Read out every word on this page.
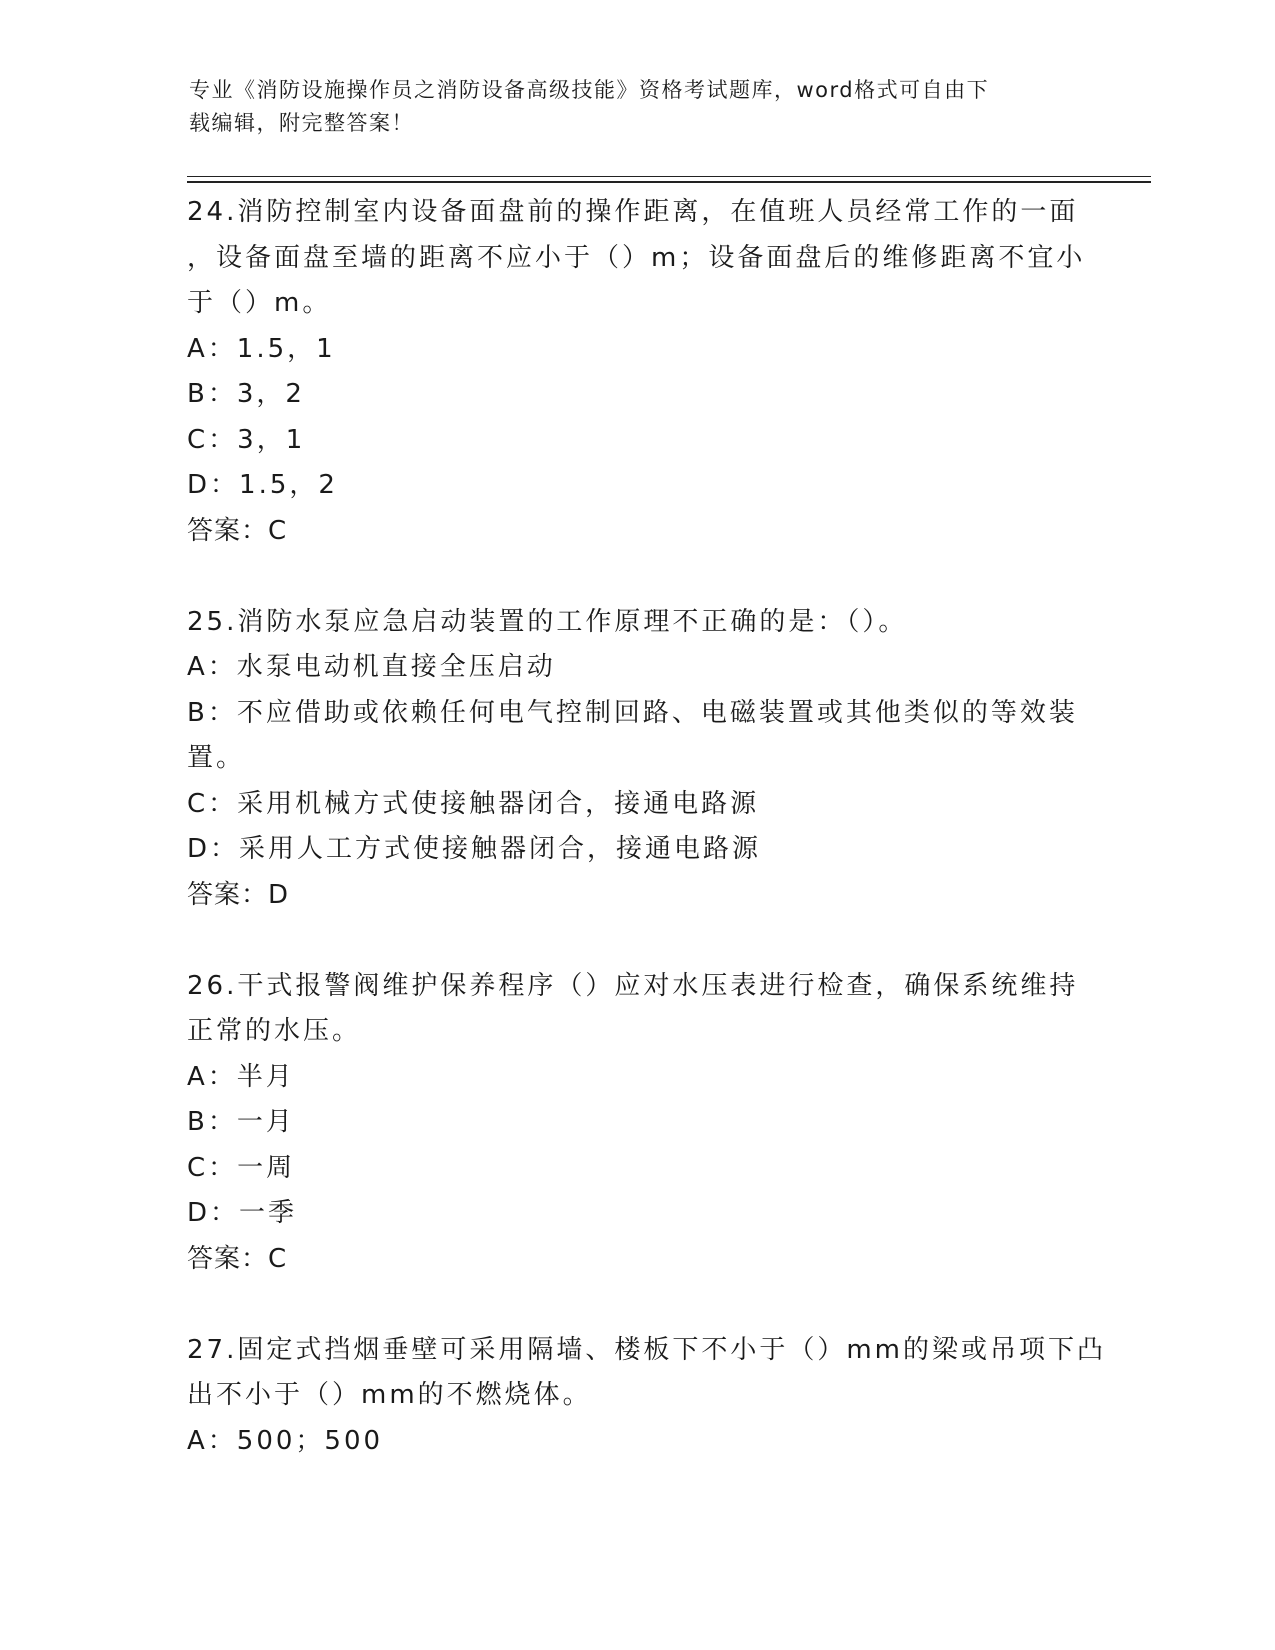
专业《消防设施操作员之消防设备高级技能》资格考试题库，word格式可自由下
载编辑，附完整答案！
24.消防控制室内设备面盘前的操作距离，在值班人员经常工作的一面
，设备面盘至墙的距离不应小于（）m；设备面盘后的维修距离不宜小
于（）m。
A：1.5，1
B：3，2
C：3，1
D：1.5，2
答案：C
25.消防水泵应急启动装置的工作原理不正确的是：（）。
A：水泵电动机直接全压启动
B：不应借助或依赖任何电气控制回路、电磁装置或其他类似的等效装
置。
C：采用机械方式使接触器闭合，接通电路源
D：采用人工方式使接触器闭合，接通电路源
答案：D
26.干式报警阀维护保养程序（）应对水压表进行检查，确保系统维持
正常的水压。
A：半月
B：一月
C：一周
D：一季
答案：C
27.固定式挡烟垂壁可采用隔墙、楼板下不小于（）mm的梁或吊项下凸
出不小于（）mm的不燃烧体。
A：500；500
